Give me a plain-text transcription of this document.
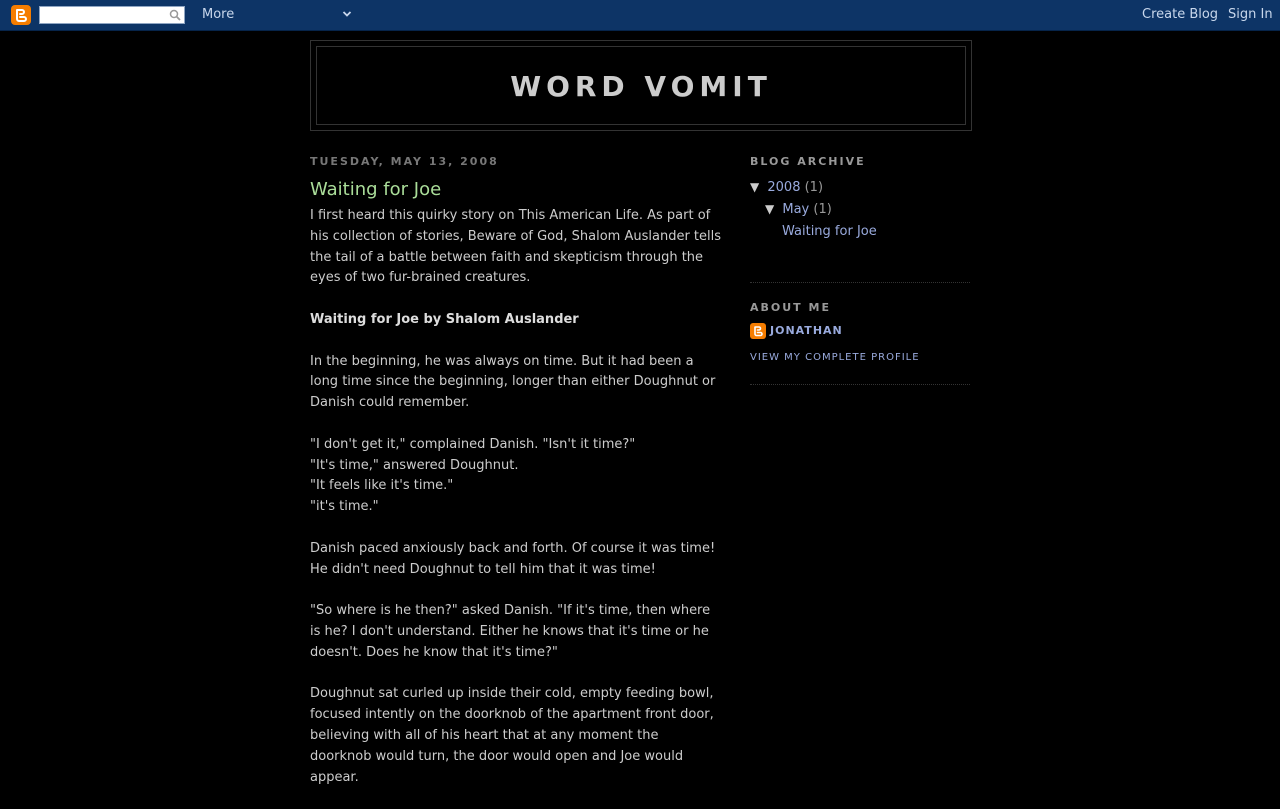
More	Create Blog Sign In
WORD VOMIT
TUESDAY, MAY 13, 2008
Waiting for Joe

I first heard this quirky story on This American Life. As part of his collection of stories, Beware of God, Shalom Auslander tells the tail of a battle between faith and skepticism through the eyes of two fur-brained creatures.

Waiting for Joe by Shalom Auslander

In the beginning, he was always on time. But it had been a long time since the beginning, longer than either Doughnut or Danish could remember.

"I don't get it," complained Danish. "Isn't it time?"
"It's time," answered Doughnut.
"It feels like it's time."
"it's time."

Danish paced anxiously back and forth. Of course it was time! He didn't need Doughnut to tell him that it was time!

"So where is he then?" asked Danish. "If it's time, then where is he? I don't understand. Either he knows that it's time or he doesn't. Does he know that it's time?"

Doughnut sat curled up inside their cold, empty feeding bowl, focused intently on the doorknob of the apartment front door, believing with all of his heart that at any moment the doorknob would turn, the door would open and Joe would appear.

BLOG ARCHIVE
▼ 2008 (1)
▼ May (1)
Waiting for Joe
ABOUT ME
JONATHAN
VIEW MY COMPLETE PROFILE
